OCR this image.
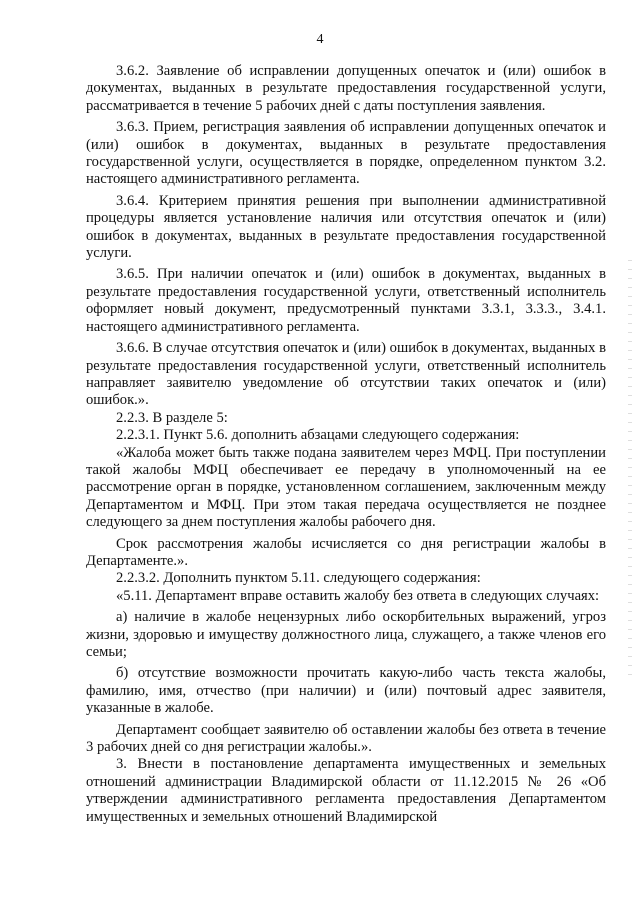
4

3.6.2. Заявление об исправлении допущенных опечаток и (или) ошибок в документах, выданных в результате предоставления государственной услуги, рассматривается в течение 5 рабочих дней с даты поступления заявления.

3.6.3. Прием, регистрация заявления об исправлении допущенных опечаток и (или) ошибок в документах, выданных в результате предоставления государственной услуги, осуществляется в порядке, определенном пунктом 3.2. настоящего административного регламента.

3.6.4. Критерием принятия решения при выполнении административной процедуры является установление наличия или отсутствия опечаток и (или) ошибок в документах, выданных в результате предоставления государственной услуги.

3.6.5. При наличии опечаток и (или) ошибок в документах, выданных в результате предоставления государственной услуги, ответственный исполнитель оформляет новый документ, предусмотренный пунктами 3.3.1, 3.3.3., 3.4.1. настоящего административного регламента.

3.6.6. В случае отсутствия опечаток и (или) ошибок в документах, выданных в результате предоставления государственной услуги, ответственный исполнитель направляет заявителю уведомление об отсутствии таких опечаток и (или) ошибок.».

2.2.3. В разделе 5:

2.2.3.1. Пункт 5.6. дополнить абзацами следующего содержания:

«Жалоба может быть также подана заявителем через МФЦ. При поступлении такой жалобы МФЦ обеспечивает ее передачу в уполномоченный на ее рассмотрение орган в порядке, установленном соглашением, заключенным между Департаментом и МФЦ. При этом такая передача осуществляется не позднее следующего за днем поступления жалобы рабочего дня.

Срок рассмотрения жалобы исчисляется со дня регистрации жалобы в Департаменте.».

2.2.3.2. Дополнить пунктом 5.11. следующего содержания:

«5.11. Департамент вправе оставить жалобу без ответа в следующих случаях:

а) наличие в жалобе нецензурных либо оскорбительных выражений, угроз жизни, здоровью и имуществу должностного лица, служащего, а также членов его семьи;

б) отсутствие возможности прочитать какую-либо часть текста жалобы, фамилию, имя, отчество (при наличии) и (или) почтовый адрес заявителя, указанные в жалобе.

Департамент сообщает заявителю об оставлении жалобы без ответа в течение 3 рабочих дней со дня регистрации жалобы.».

3. Внести в постановление департамента имущественных и земельных отношений администрации Владимирской области от 11.12.2015 № 26 «Об утверждении административного регламента предоставления Департаментом имущественных и земельных отношений Владимирской
